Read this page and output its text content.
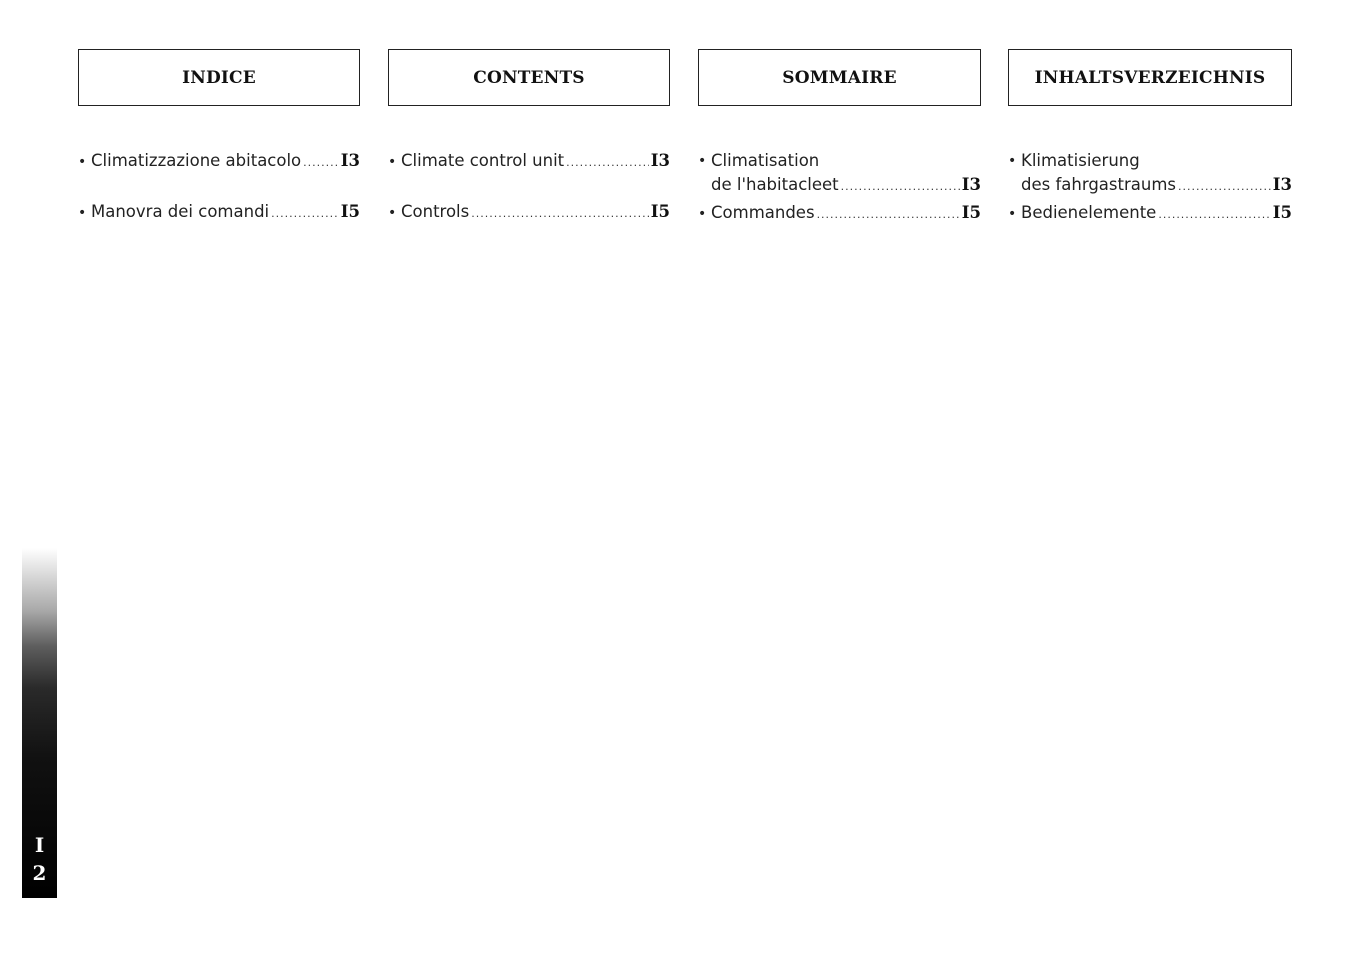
INDICE
• Climatizzazione abitacolo ..... I3
• Manovra dei comandi .....	I5
CONTENTS
• Climate control unit .....	I3
• Controls .....	I5
SOMMAIRE
• Climatisation
de l'habitacleet .....	I3
• Commandes .....	I5
INHALTSVERZEICHNIS
• Klimatisierung
des fahrgastraums .....	I3
• Bedienelemente .....	I5
I
2
